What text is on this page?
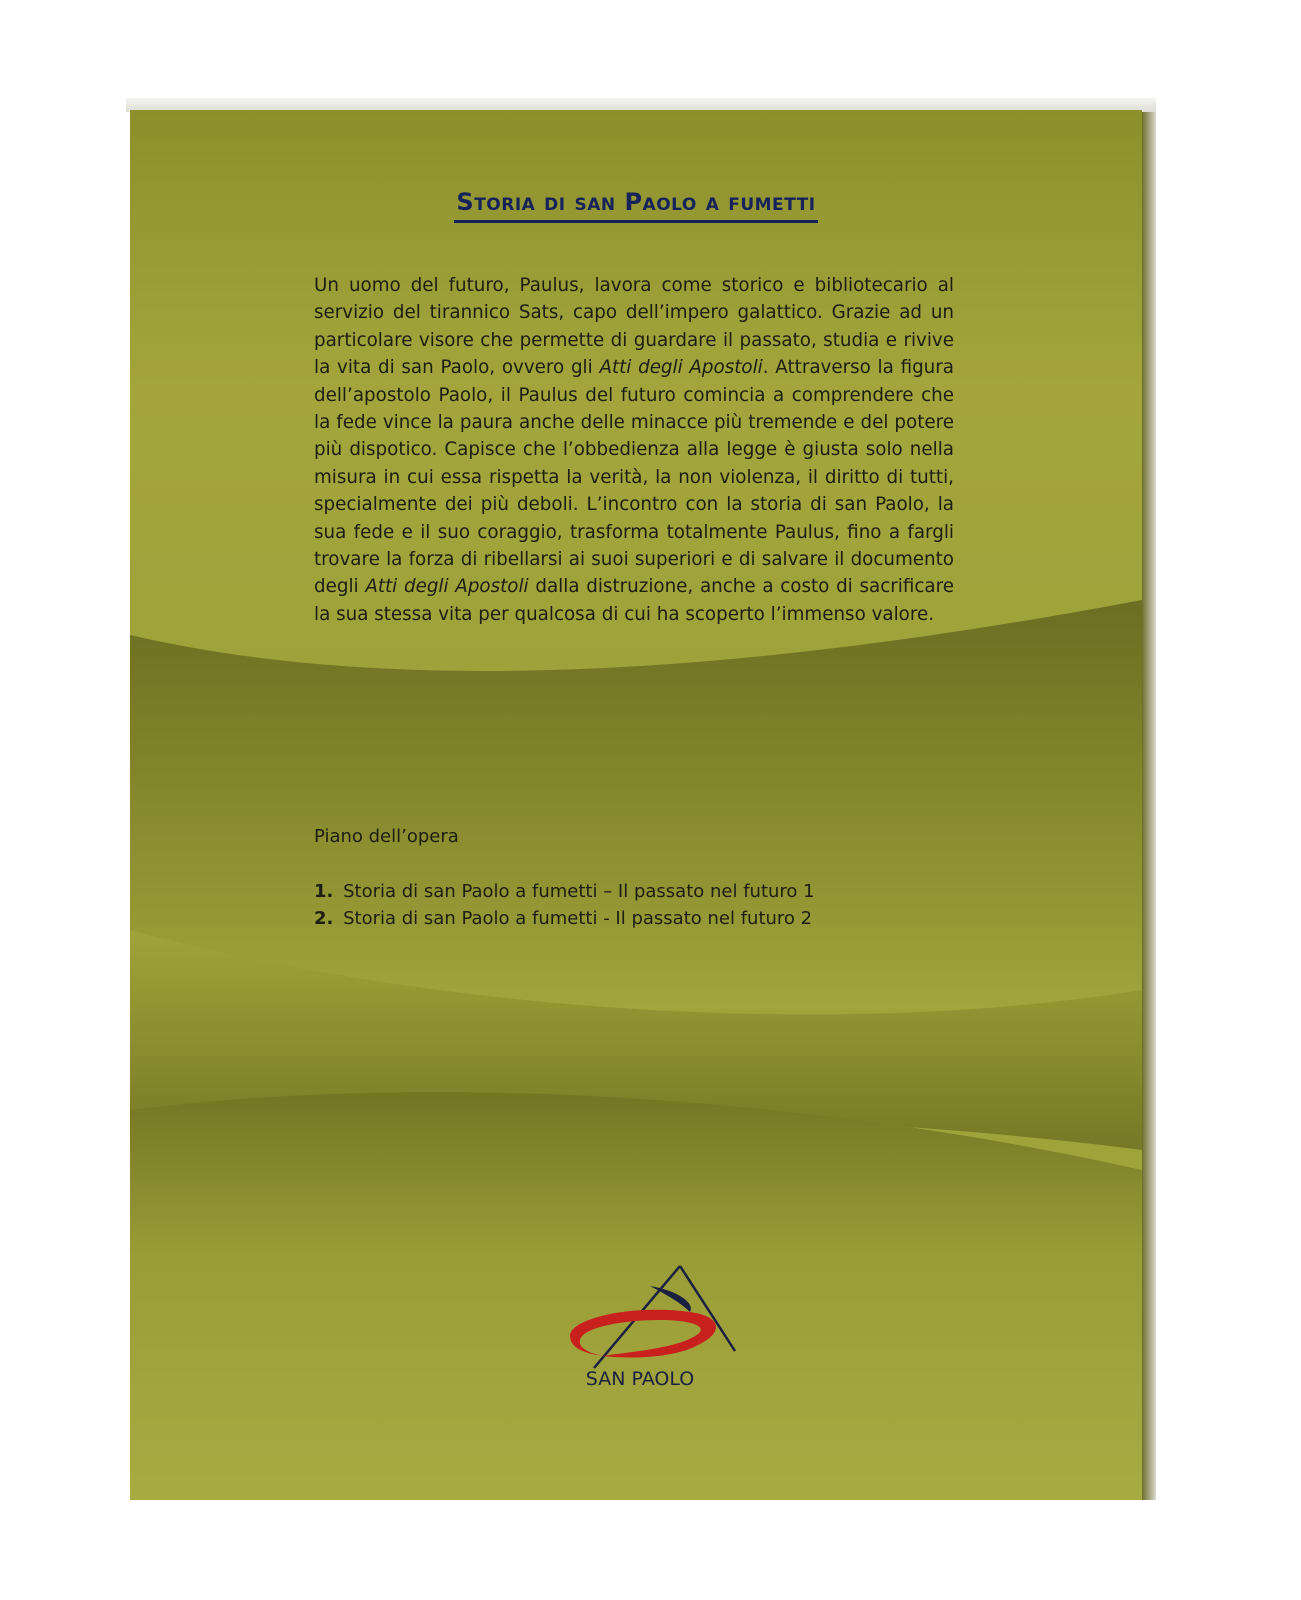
Storia di san Paolo a fumetti
Un uomo del futuro, Paulus, lavora come storico e bibliotecario al servizio del tirannico Sats, capo dell’impero galattico. Grazie ad un particolare visore che permette di guardare il passato, studia e rivive la vita di san Paolo, ovvero gli Atti degli Apostoli. Attraverso la figura dell’apostolo Paolo, il Paulus del futuro comincia a comprendere che la fede vince la paura anche delle minacce più tremende e del potere più dispotico. Capisce che l’obbedienza alla legge è giusta solo nella misura in cui essa rispetta la verità, la non violenza, il diritto di tutti, specialmente dei più deboli. L’incontro con la storia di san Paolo, la sua fede e il suo coraggio, trasforma totalmente Paulus, fino a fargli trovare la forza di ribellarsi ai suoi superiori e di salvare il documento degli Atti degli Apostoli dalla distruzione, anche a costo di sacrificare la sua stessa vita per qualcosa di cui ha scoperto l’immenso valore.
Piano dell’opera
1. Storia di san Paolo a fumetti – Il passato nel futuro 1
2. Storia di san Paolo a fumetti - Il passato nel futuro 2
SAN PAOLO
